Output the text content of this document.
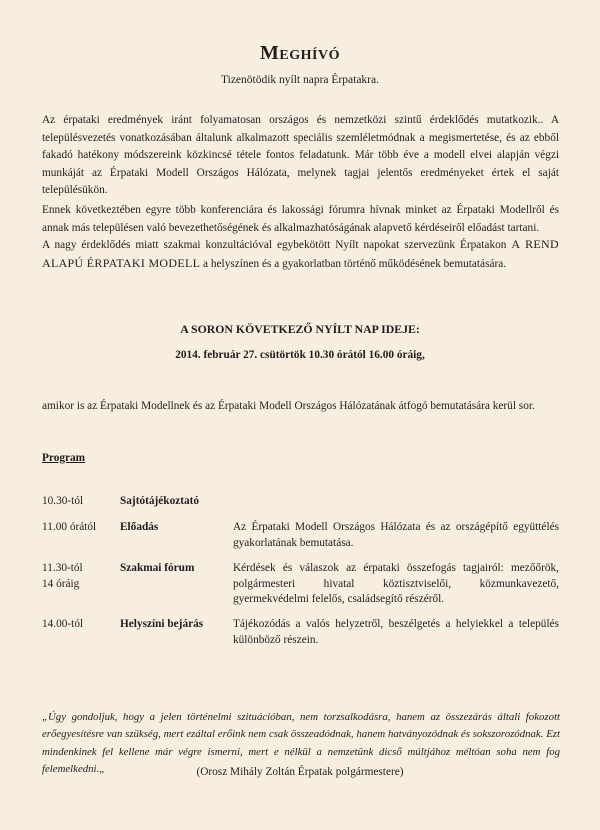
Meghívó
Tizenötödik nyílt napra Érpatakra.

Az érpataki eredmények iránt folyamatosan országos és nemzetközi szintű érdeklődés mutatkozik.. A településvezetés vonatkozásában általunk alkalmazott speciális szemléletmódnak a megismertetése, és az ebből fakadó hatékony módszereink közkincsé tétele fontos feladatunk. Már több éve a modell elvei alapján végzi munkáját az Érpataki Modell Országos Hálózata, melynek tagjai jelentős eredményeket értek el saját településükön.

Ennek következtében egyre több konferenciára és lakossági fórumra hívnak minket az Érpataki Modellről és annak más településen való bevezethetőségének és alkalmazhatóságának alapvető kérdéseiről előadást tartani.

A nagy érdeklődés miatt szakmai konzultációval egybekötött Nyílt napokat szervezünk Érpatakon A REND ALAPÚ ÉRPATAKI MODELL a helyszínen és a gyakorlatban történő működésének bemutatására.

A SORON KÖVETKEZŐ NYÍLT NAP IDEJE:
2014. február 27. csütörtök 10.30 órától 16.00 óráig,
amikor is az Érpataki Modellnek és az Érpataki Modell Országos Hálózatának átfogó bemutatására kerül sor.
Program
10.30-tól	Sajtótájékoztató
11.00 órától	Előadás	Az Érpataki Modell Országos Hálózata és az országépítő együttélés gyakorlatának bemutatása.
11.30-tól
14 óráig
Szakmai fórum	Kérdések és válaszok az érpataki összefogás tagjairól: mezőőrök, polgármesteri hivatal köztisztviselői, közmunkavezető, gyermekvédelmi felelős, családsegítő részéről.
14.00-tól	Helyszíni bejárás	Tájékozódás a valós helyzetről, beszélgetés a helyiekkel a település különböző részein.

„Úgy gondoljuk, hogy a jelen történelmi szituációban, nem torzsalkodásra, hanem az összezárás általi fokozott erőegyesítésre van szükség, mert ezáltal erőink nem csak összeadódnak, hanem hatványozódnak és sokszorozódnak. Ezt mindenkinek fel kellene már végre ismerni, mert e nélkül a nemzetünk dicső múltjához méltóan soha nem fog felemelkedni.„	(Orosz Mihály Zoltán Érpatak polgármestere)
